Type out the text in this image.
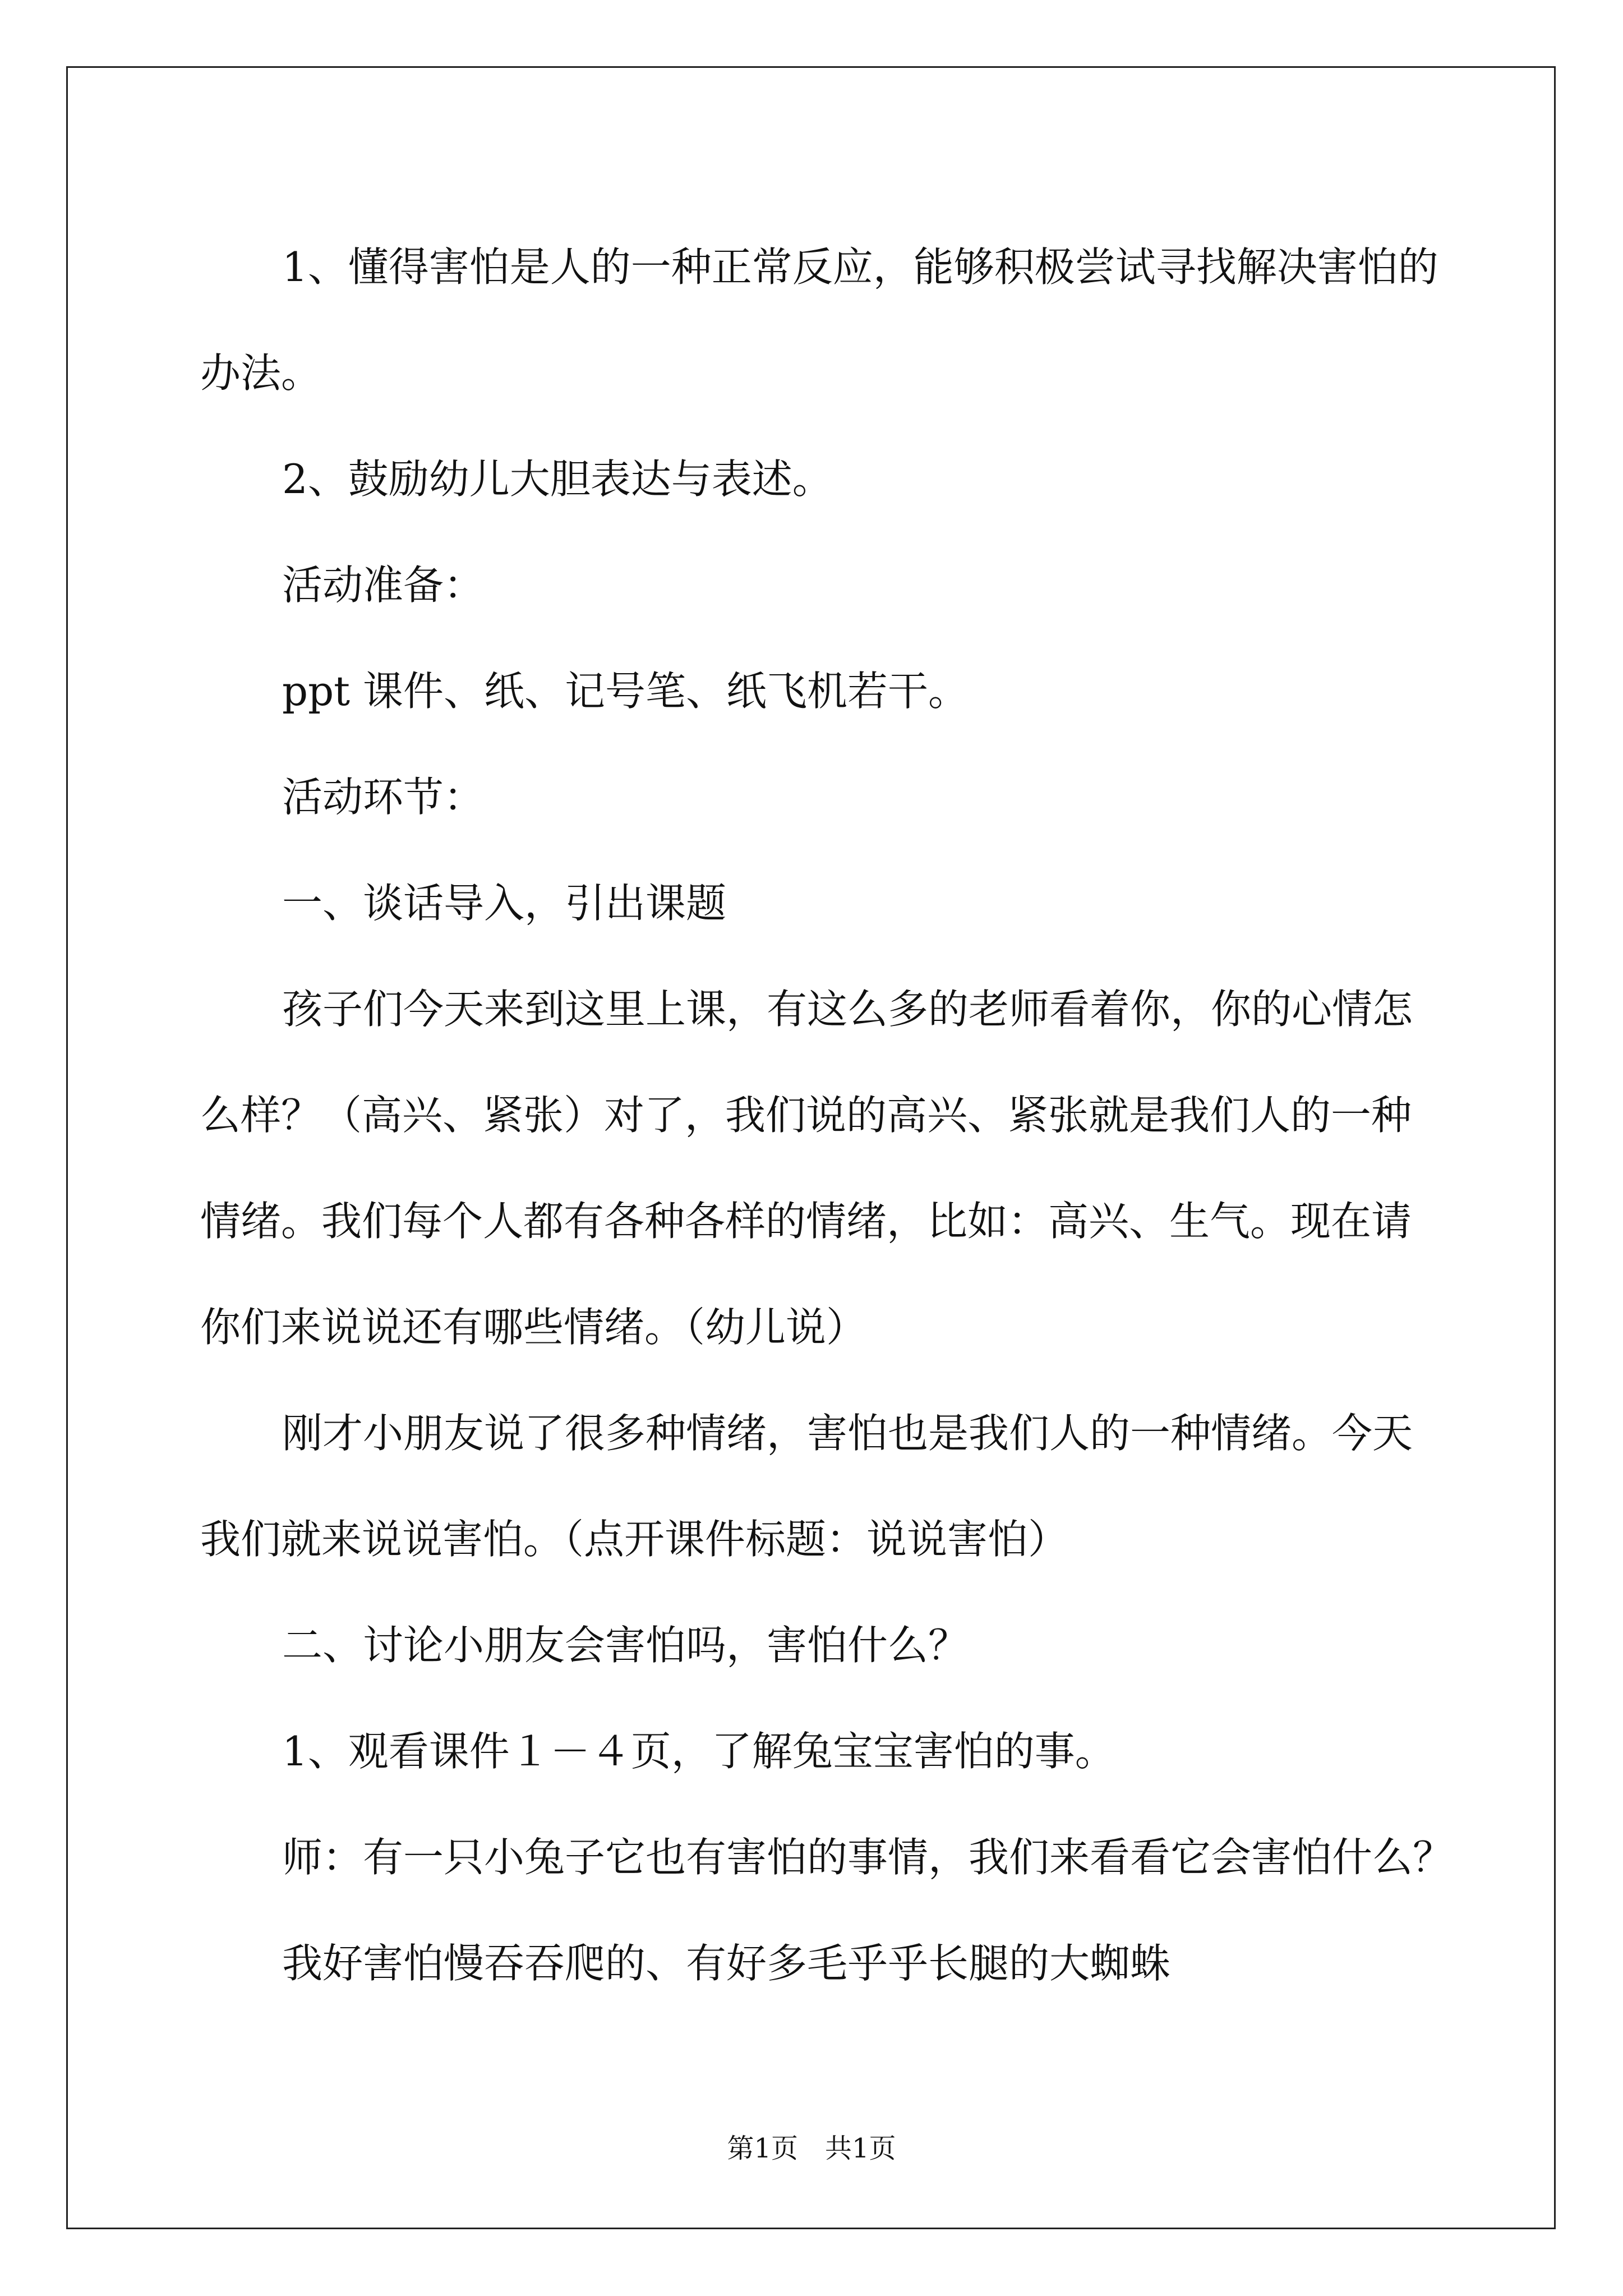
1、懂得害怕是人的一种正常反应，能够积极尝试寻找解决害怕的
办法。
2、鼓励幼儿大胆表达与表述。
活动准备：
ppt 课件、纸、记号笔、纸飞机若干。
活动环节：
一、谈话导入，引出课题
孩子们今天来到这里上课，有这么多的老师看着你，你的心情怎
么样？（高兴、紧张）对了，我们说的高兴、紧张就是我们人的一种
情绪。我们每个人都有各种各样的情绪，比如：高兴、生气。现在请
你们来说说还有哪些情绪。（幼儿说）
刚才小朋友说了很多种情绪，害怕也是我们人的一种情绪。今天
我们就来说说害怕。（点开课件标题：说说害怕）
二、讨论小朋友会害怕吗，害怕什么？
1、观看课件１－４页，了解兔宝宝害怕的事。
师：有一只小兔子它也有害怕的事情，我们来看看它会害怕什么？
我好害怕慢吞吞爬的、有好多毛乎乎长腿的大蜘蛛
第1页　共1页
